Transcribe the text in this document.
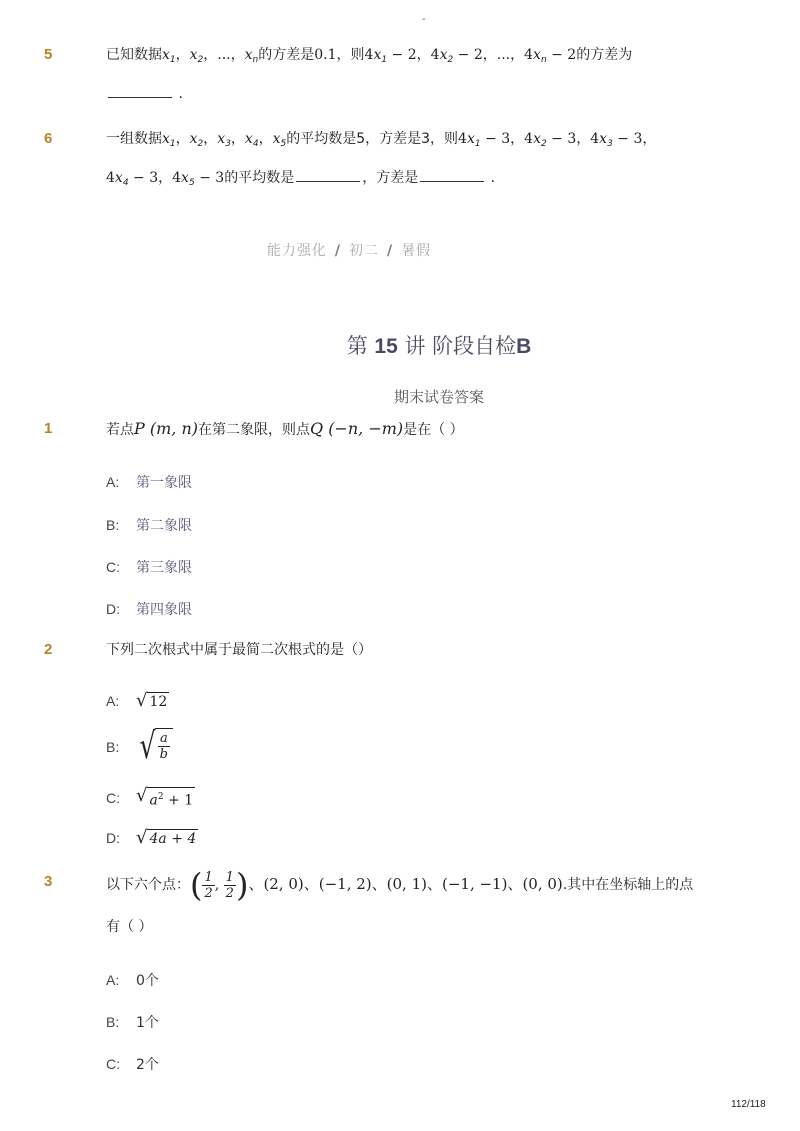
-
5	已知数据$x_1$，$x_2$，...，$x_n$的方差是0.1，则$4x_1 - 2$，$4x_2 - 2$，...，$4x_n - 2$的方差为
.
6	一组数据$x_1$，$x_2$，$x_3$，$x_4$，$x_5$的平均数是5，方差是3，则$4x_1 - 3$，$4x_2 - 3$，$4x_3 - 3$，
$4x_4 - 3$，$4x_5 - 3$的平均数是	，方差是	.
能力强化 / 初二 / 暑假
第 15 讲 阶段自检B
期末试卷答案
1	若点P (m, n)在第二象限，则点Q (−n, −m)是在（ ）
A: 第一象限
B: 第二象限
C: 第三象限
D: 第四象限
2	下列二次根式中属于最简二次根式的是（）
A: √ 12
B: √ $\frac{a}{b}$
C: √ $a^2 + 1$
D: √ 4a + 4
3	以下六个点：( $\frac{1}{2}$ , $\frac{1}{2}$ )、(2, 0)、(−1, 2)、(0, 1)、(−1, −1)、(0, 0).其中在坐标轴上的点
有（ ）
A: 0个
B: 1个
C: 2个
112/118
